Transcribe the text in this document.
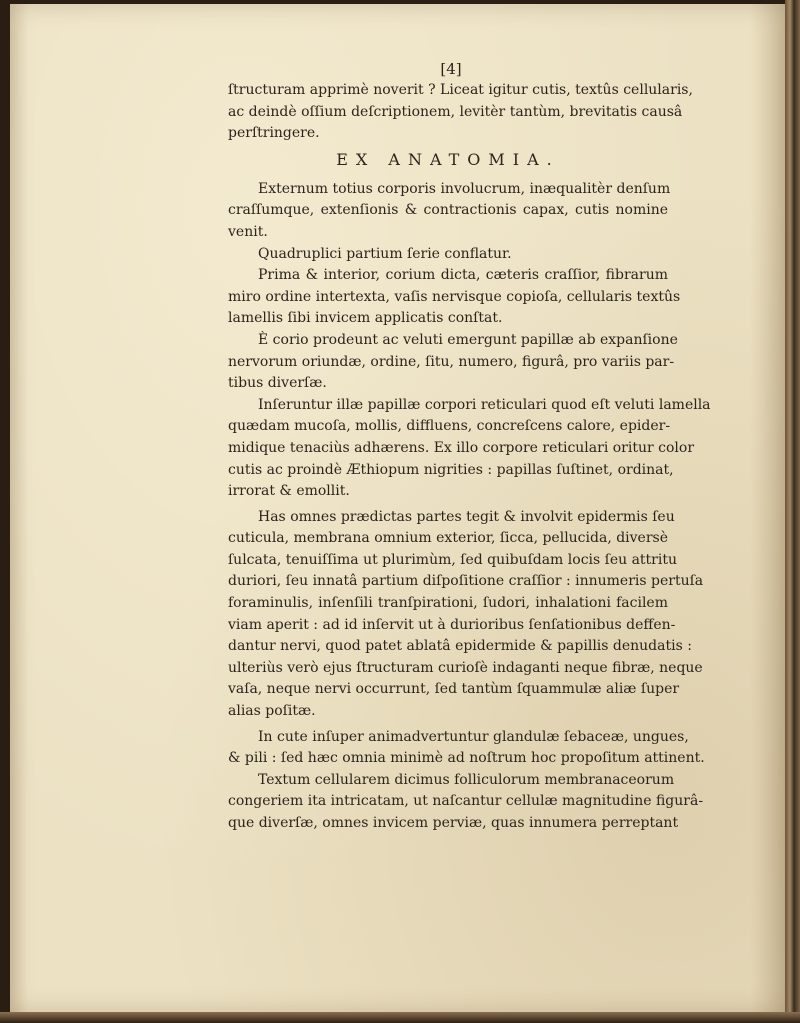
[4]
ſtructuram apprimè noverit ? Liceat igitur cutis, textûs cellularis,
ac deindè oſſium deſcriptionem, levitèr tantùm, brevitatis causâ
perſtringere.
EX ANATOMIA.
Externum totius corporis involucrum, inæqualitèr denſum
craſſumque, extenſionis & contractionis capax, cutis nomine
venit.
Quadruplici partium ſerie conflatur.
Prima & interior, corium dicta, cæteris craſſior, fibrarum
miro ordine intertexta, vaſis nervisque copioſa, cellularis textûs
lamellis ſibi invicem applicatis conſtat.
È corio prodeunt ac veluti emergunt papillæ ab expanſione
nervorum oriundæ, ordine, ſitu, numero, figurâ, pro variis par-
tibus diverſæ.
Inſeruntur illæ papillæ corpori reticulari quod eſt veluti lamella
quædam mucoſa, mollis, diffluens, concreſcens calore, epider-
midique tenaciùs adhærens. Ex illo corpore reticulari oritur color
cutis ac proindè Æthiopum nigrities : papillas ſuſtinet, ordinat,
irrorat & emollit.
Has omnes prædictas partes tegit & involvit epidermis ſeu
cuticula, membrana omnium exterior, ſicca, pellucida, diversè
ſulcata, tenuiſſima ut plurimùm, ſed quibuſdam locis ſeu attritu
duriori, ſeu innatâ partium diſpoſitione craſſior : innumeris pertuſa
foraminulis, inſenſili tranſpirationi, ſudori, inhalationi facilem
viam aperit : ad id inſervit ut à durioribus ſenſationibus deffen-
dantur nervi, quod patet ablatâ epidermide & papillis denudatis :
ulteriùs verò ejus ſtructuram curioſè indaganti neque fibræ, neque
vaſa, neque nervi occurrunt, ſed tantùm ſquammulæ aliæ ſuper
alias poſitæ.
In cute inſuper animadvertuntur glandulæ ſebaceæ, ungues,
& pili : ſed hæc omnia minimè ad noſtrum hoc propoſitum attinent.
Textum cellularem dicimus folliculorum membranaceorum
congeriem ita intricatam, ut naſcantur cellulæ magnitudine figurâ-
que diverſæ, omnes invicem perviæ, quas innumera perreptant
